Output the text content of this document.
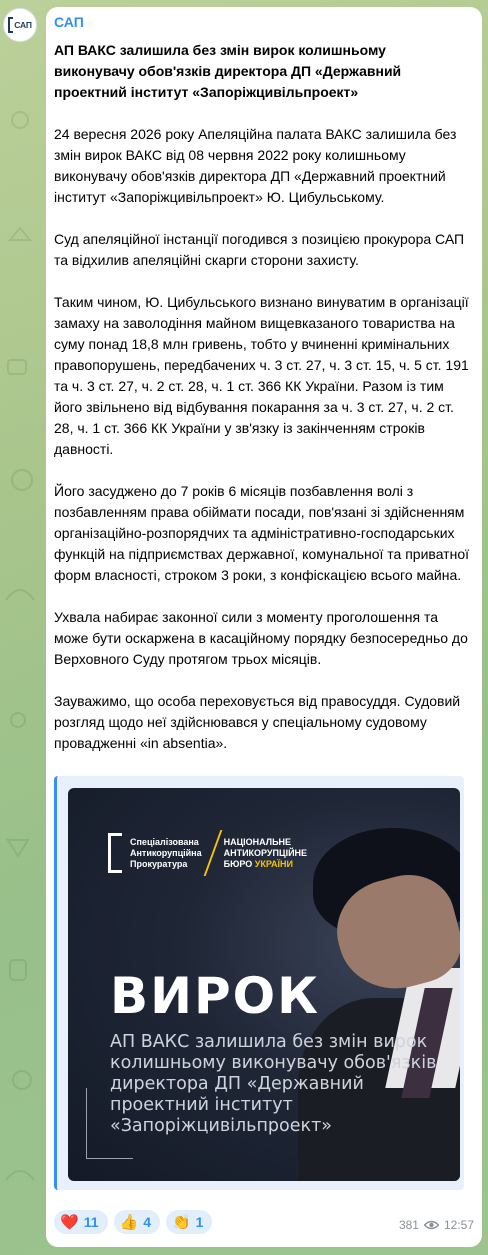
САП САП

АП ВАКС залишила без змін вирок колишньому виконувачу обов'язків директора ДП «Державний проектний інститут «Запоріжцивільпроект»

24 вересня 2026 року Апеляційна палата ВАКС залишила без змін вирок ВАКС від 08 червня 2022 року колишньому виконувачу обов'язків директора ДП «Державний проектний інститут «Запоріжцивільпроект» Ю. Цибульському.

Суд апеляційної інстанції погодився з позицією прокурора САП та відхилив апеляційні скарги сторони захисту.

Таким чином, Ю. Цибульського визнано винуватим в організації замаху на заволодіння майном вищевказаного товариства на суму понад 18,8 млн гривень, тобто у вчиненні кримінальних правопорушень, передбачених ч. 3 ст. 27, ч. 3 ст. 15, ч. 5 ст. 191 та ч. 3 ст. 27, ч. 2 ст. 28, ч. 1 ст. 366 КК України. Разом із тим його звільнено від відбування покарання за ч. 3 ст. 27, ч. 2 ст. 28, ч. 1 ст. 366 КК України у зв'язку із закінченням строків давності.

Його засуджено до 7 років 6 місяців позбавлення волі з позбавленням права обіймати посади, пов'язані зі здійсненням організаційно-розпорядчих та адміністративно-господарських функцій на підприємствах державної, комунальної та приватної форм власності, строком 3 роки, з конфіскацією всього майна.

Ухвала набирає законної сили з моменту проголошення та може бути оскаржена в касаційному порядку безпосередньо до Верховного Суду протягом трьох місяців.

Зауважимо, що особа переховується від правосуддя. Судовий розгляд щодо неї здійснювався у спеціальному судовому провадженні «in absentia».

Спеціалізована
Антикорупційна
Прокуратура
НАЦІОНАЛЬНЕ
АНТИКОРУПЦІЙНЕ
БЮРО УКРАЇНИ
ВИРОК
АП ВАКС залишила без змін вирок колишньому виконувачу обов'язків директора ДП «Державний проектний інститут «Запоріжцивільпроект»
❤️ 11 👍 4 👏 1	381 12:57
